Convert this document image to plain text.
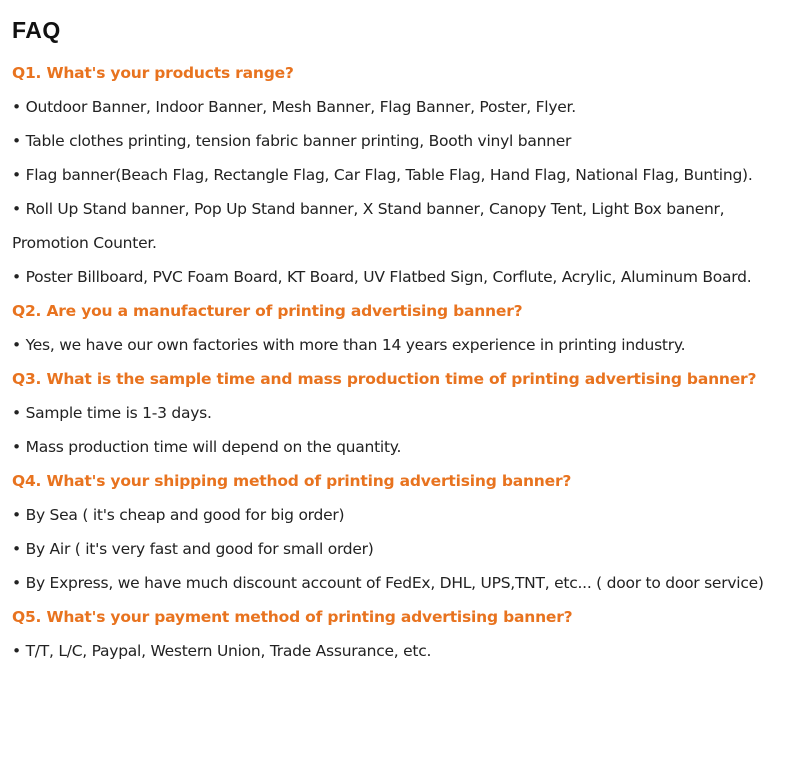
FAQ

Q1. What's your products range?

• Outdoor Banner, Indoor Banner, Mesh Banner, Flag Banner, Poster, Flyer.

• Table clothes printing, tension fabric banner printing, Booth vinyl banner

• Flag banner(Beach Flag, Rectangle Flag, Car Flag, Table Flag, Hand Flag, National Flag, Bunting).

• Roll Up Stand banner, Pop Up Stand banner, X Stand banner, Canopy Tent, Light Box banenr, Promotion Counter.

• Poster Billboard, PVC Foam Board, KT Board, UV Flatbed Sign, Corflute, Acrylic, Aluminum Board.

Q2. Are you a manufacturer of printing advertising banner?

• Yes, we have our own factories with more than 14 years experience in printing industry.

Q3. What is the sample time and mass production time of printing advertising banner?

• Sample time is 1-3 days.

• Mass production time will depend on the quantity.

Q4. What's your shipping method of printing advertising banner?

• By Sea ( it's cheap and good for big order)

• By Air ( it's very fast and good for small order)

• By Express, we have much discount account of FedEx, DHL, UPS,TNT, etc... ( door to door service)

Q5. What's your payment method of printing advertising banner?

• T/T, L/C, Paypal, Western Union, Trade Assurance, etc.
